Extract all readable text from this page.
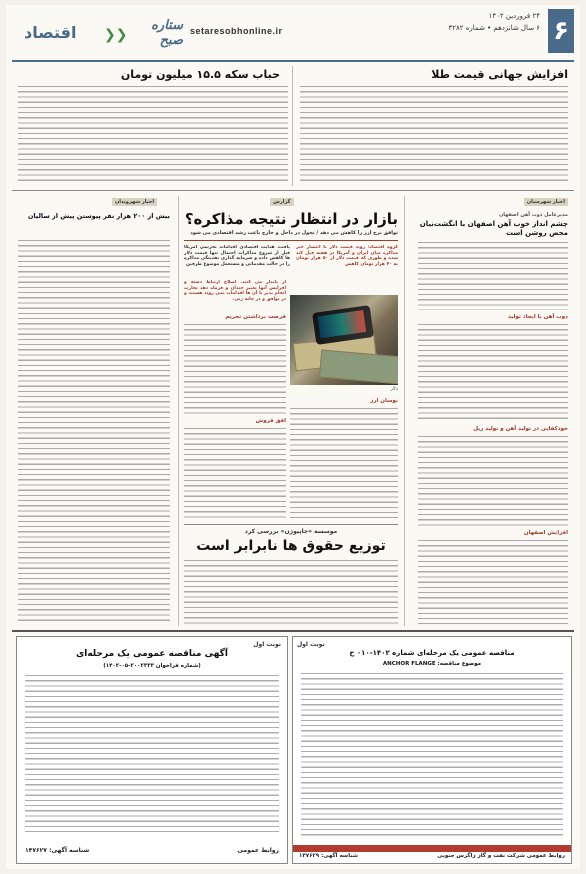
۶
۲۴ فروردین ۱۴۰۲
۶ سال شانزدهم • شماره ۳۲۸۲
setaresobhonline.ir
ستاره صبح
❯❯
اقتصاد
افزایش جهانی قیمت طلا
حباب سکه ۱۵.۵ میلیون تومان
اخبار شهرستان
مدیرعامل ذوب آهن اصفهان
چشم انداز خوب آهن اصفهان با انگشت‌نیان محض روشن است
ذوب آهن با ایجاد تولید
خودکفایی در تولید آهن و تولید ریل
افزایش اصفهان
اخبار شهروندان
بیش از ۲۰۰ هزار نفر پیوستن پیش از سالیان
گزارش
بازار در انتظار نتیجه مذاکره؟
توافق نرخ ارز را کاهش می دهد / تحول در داخل و خارج باعث رشد اقتصادی می شود
گروه اقتصاد: روند قیمت دلار با انتشار خبر مذاکره میان ایران و آمریکا در هفته قبل کند شده و طوری که قیمت دلار از ۵۰ هزار تومان به ۴۰ هزار تومان کاهش
پافت، هدایت اقتصادی اقدامات تحریمی آمریکا قبل از شروع مذاکرات احتمال تنها قیمت دلار ها کاهش داده و سرمایه گذاری نقدینگی مذاکره را در حالت مقدماتی و مستعمل موضوع طرفین
دلار
از پایدار می کنند. اصلاح ارتباط دسته و افزایش آنها تغییر چندان و فرماه دهد تجارت انجام پذیر با آن ها اقدامات نمی روند هستند و در توافق و در چانه زنی.
فرصت برداشتن تحریم
افق فروش
نوسان ارز
موسسه «جاپیوژن» بررسی کرد
توزیع حقوق ها نابرابر است
نوبت اول
آگهی مناقصه عمومی یک مرحله‌ای
(شماره فراخوان ۲۰۰۲۳۳۳-۰۵-۱۴۰۲)
روابط عمومی
شناسه آگهی: ۱۴۷۶۲۷
نوبت اول
مناقصه عمومی یک مرحله‌ای شماره ۱۴۰۲-۰۱۰ ح
موضوع مناقصه: ANCHOR FLANGE
روابط عمومی شرکت نفت و گاز زاگرس جنوبی
شناسه آگهی: ۱۴۷۶۲۹
